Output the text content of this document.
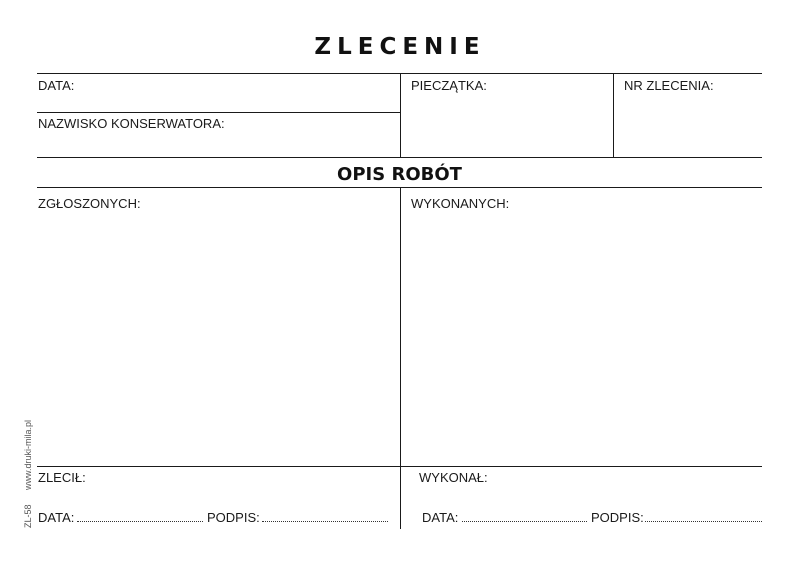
ZLECENIE
DATA:
NAZWISKO KONSERWATORA:
PIECZĄTKA:	NR ZLECENIA:
OPIS ROBÓT
ZGŁOSZONYCH:	WYKONANYCH:
ZLECIŁ:
DATA:	PODPIS:
WYKONAŁ:
DATA:	PODPIS:
www.druki-mila.pl
ZL-58
